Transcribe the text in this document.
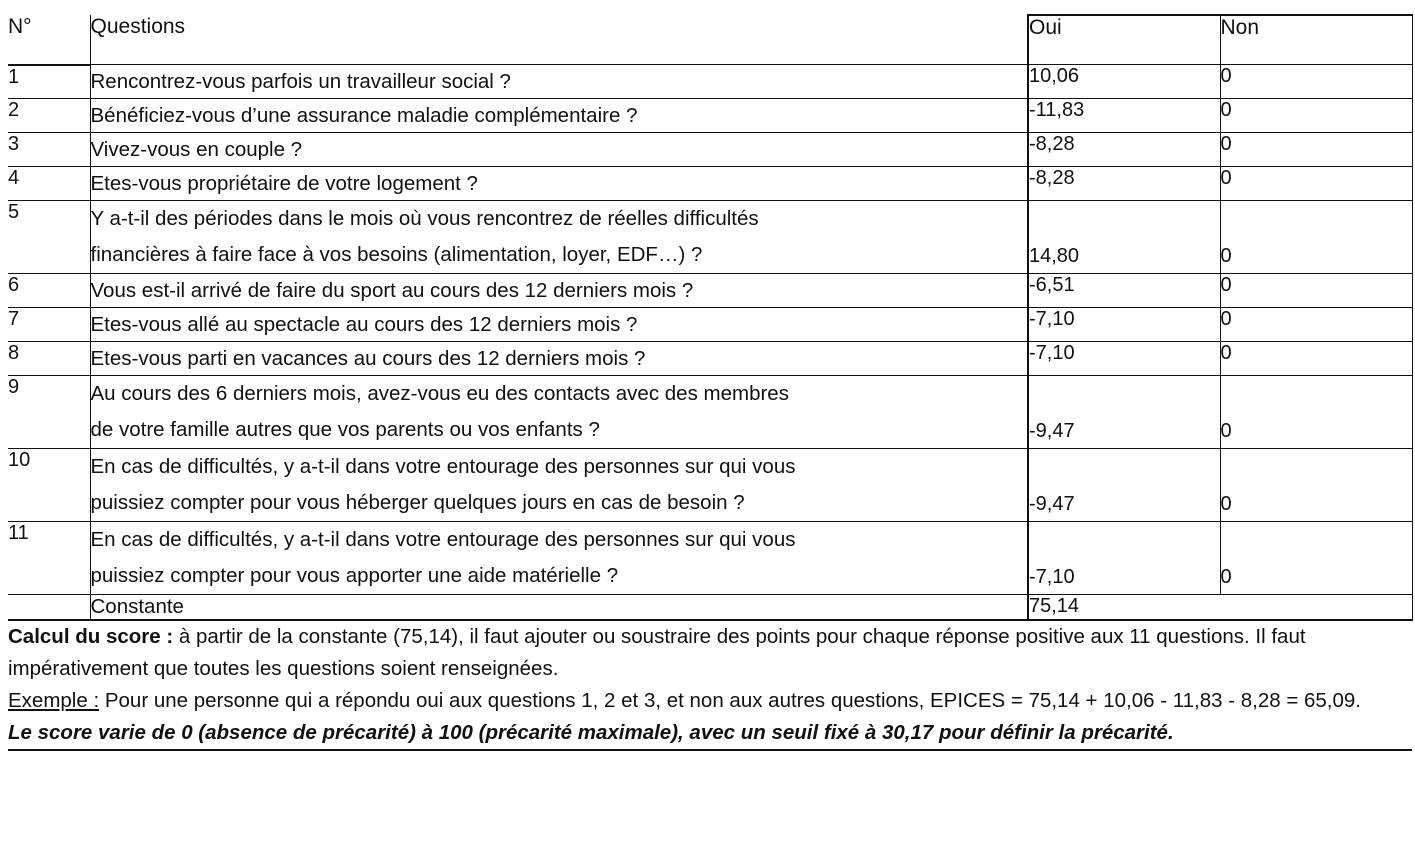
N°	Questions	Oui	Non
1	Rencontrez-vous parfois un travailleur social ?	10,06	0
2	Bénéficiez-vous d’une assurance maladie complémentaire ?	-11,83	0
3	Vivez-vous en couple ?	-8,28	0
4	Etes-vous propriétaire de votre logement ?	-8,28	0
5	Y a-t-il des périodes dans le mois où vous rencontrez de réelles difficultés
financières à faire face à vos besoins (alimentation, loyer, EDF…) ?	14,80	0
6	Vous est-il arrivé de faire du sport au cours des 12 derniers mois ?	-6,51	0
7	Etes-vous allé au spectacle au cours des 12 derniers mois ?	-7,10	0
8	Etes-vous parti en vacances au cours des 12 derniers mois ?	-7,10	0
9	Au cours des 6 derniers mois, avez-vous eu des contacts avec des membres
de votre famille autres que vos parents ou vos enfants ?	-9,47	0
10	En cas de difficultés, y a-t-il dans votre entourage des personnes sur qui vous
puissiez compter pour vous héberger quelques jours en cas de besoin ?	-9,47	0
11	En cas de difficultés, y a-t-il dans votre entourage des personnes sur qui vous
puissiez compter pour vous apporter une aide matérielle ?	-7,10	0
	Constante	75,14	

Calcul du score : à partir de la constante (75,14), il faut ajouter ou soustraire des points pour chaque réponse positive aux 11 questions. Il faut impérativement que toutes les questions soient renseignées.

Exemple : Pour une personne qui a répondu oui aux questions 1, 2 et 3, et non aux autres questions, EPICES = 75,14 + 10,06 - 11,83 - 8,28 = 65,09.

Le score varie de 0 (absence de précarité) à 100 (précarité maximale), avec un seuil fixé à 30,17 pour définir la précarité.			
